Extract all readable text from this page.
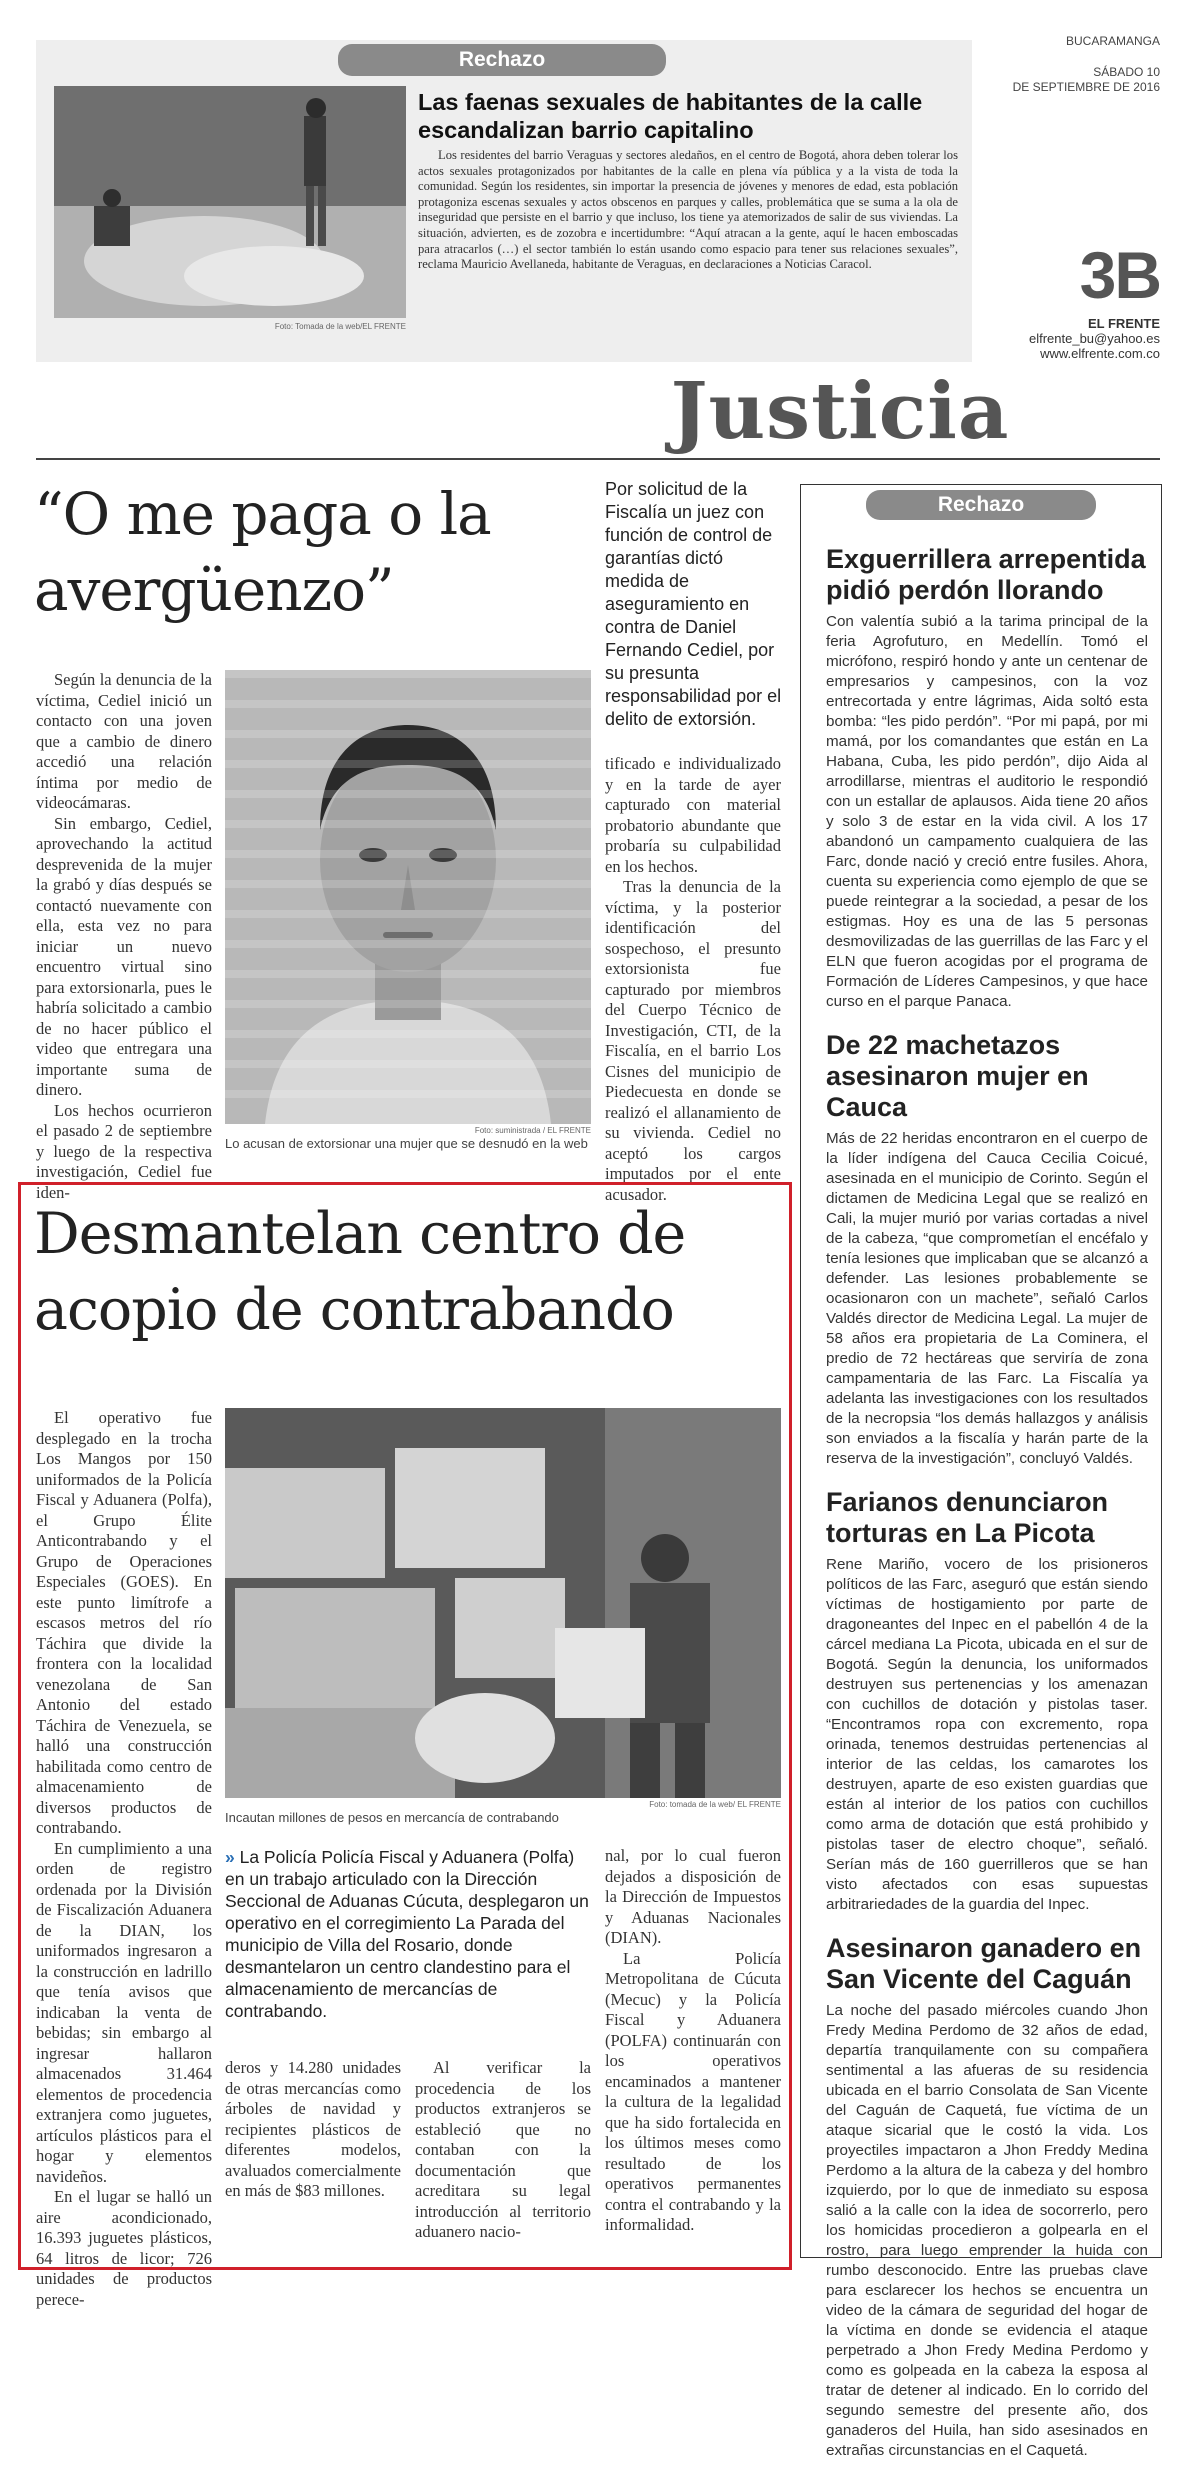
BUCARAMANGA
SÁBADO 10
DE SEPTIEMBRE DE 2016
3B
EL FRENTE
elfrente_bu@yahoo.es
www.elfrente.com.co
Justicia
Rechazo
Foto: Tomada de la web/EL FRENTE
Las faenas sexuales de habitantes de la calle escandalizan barrio capitalino
Los residentes del barrio Veraguas y sectores aledaños, en el centro de Bogotá, ahora deben tolerar los actos sexuales protagonizados por habitantes de la calle en plena vía pública y a la vista de toda la comunidad. Según los residentes, sin importar la presencia de jóvenes y menores de edad, esta población protagoniza escenas sexuales y actos obscenos en parques y calles, problemática que se suma a la ola de inseguridad que persiste en el barrio y que incluso, los tiene ya atemorizados de salir de sus viviendas. La situación, advierten, es de zozobra e incertidumbre: “Aquí atracan a la gente, aquí le hacen emboscadas para atracarlos (…) el sector también lo están usando como espacio para tener sus relaciones sexuales”, reclama Mauricio Avellaneda, habitante de Veraguas, en declaraciones a Noticias Caracol.
“O me paga o la avergüenzo”
Por solicitud de la Fiscalía un juez con función de control de garantías dictó medida de aseguramiento en contra de Daniel Fernando Cediel, por su presunta responsabilidad por el delito de extorsión.

Según la denuncia de la víctima, Cediel inició un contacto con una joven que a cambio de dinero accedió una relación íntima por medio de videocámaras.

Sin embargo, Cediel, aprovechando la actitud desprevenida de la mujer la grabó y días después se contactó nuevamente con ella, esta vez no para iniciar un nuevo encuentro virtual sino para extorsionarla, pues le habría solicitado a cambio de no hacer público el video que entregara una importante suma de dinero.

Los hechos ocurrieron el pasado 2 de septiembre y luego de la respectiva investigación, Cediel fue iden-

Foto: suministrada / EL FRENTE
Lo acusan de extorsionar una mujer que se desnudó en la web

tificado e individualizado y en la tarde de ayer capturado con material probatorio abundante que probaría su culpabilidad en los hechos.

Tras la denuncia de la víctima, y la posterior identificación del sospechoso, el presunto extorsionista fue capturado por miembros del Cuerpo Técnico de Investigación, CTI, de la Fiscalía, en el barrio Los Cisnes del municipio de Piedecuesta en donde se realizó el allanamiento de su vivienda. Cediel no aceptó los cargos imputados por el ente acusador.

Desmantelan centro de acopio de contrabando

El operativo fue desplegado en la trocha Los Mangos por 150 uniformados de la Policía Fiscal y Aduanera (Polfa), el Grupo Élite Anticontrabando y el Grupo de Operaciones Especiales (GOES). En este punto limítrofe a escasos metros del río Táchira que divide la frontera con la localidad venezolana de San Antonio del estado Táchira de Venezuela, se halló una construcción habilitada como centro de almacenamiento de diversos productos de contrabando.

En cumplimiento a una orden de registro ordenada por la División de Fiscalización Aduanera de la DIAN, los uniformados ingresaron a la construcción en ladrillo que tenía avisos que indicaban la venta de bebidas; sin embargo al ingresar hallaron almacenados 31.464 elementos de procedencia extranjera como juguetes, artículos plásticos para el hogar y elementos navideños.

En el lugar se halló un aire acondicionado, 16.393 juguetes plásticos, 64 litros de licor; 726 unidades de productos perece-

Foto: tomada de la web/ EL FRENTE
Incautan millones de pesos en mercancía de contrabando
» La Policía Policía Fiscal y Aduanera (Polfa) en un trabajo articulado con la Dirección Seccional de Aduanas Cúcuta, desplegaron un operativo en el corregimiento La Parada del municipio de Villa del Rosario, donde desmantelaron un centro clandestino para el almacenamiento de mercancías de contrabando.

deros y 14.280 unidades de otras mercancías como árboles de navidad y recipientes plásticos de diferentes modelos, avaluados comercialmente en más de $83 millones.

Al verificar la procedencia de los productos extranjeros se estableció que no contaban con la documentación que acreditara su legal introducción al territorio aduanero nacio-

nal, por lo cual fueron dejados a disposición de la Dirección de Impuestos y Aduanas Nacionales (DIAN).

La Policía Metropolitana de Cúcuta (Mecuc) y la Policía Fiscal y Aduanera (POLFA) continuarán con los operativos encaminados a mantener la cultura de la legalidad que ha sido fortalecida en los últimos meses como resultado de los operativos permanentes contra el contrabando y la informalidad.

Rechazo
Exguerrillera arrepentida pidió perdón llorando
Con valentía subió a la tarima principal de la feria Agrofuturo, en Medellín. Tomó el micrófono, respiró hondo y ante un centenar de empresarios y campesinos, con la voz entrecortada y entre lágrimas, Aida soltó esta bomba: “les pido perdón”. “Por mi papá, por mi mamá, por los comandantes que están en La Habana, Cuba, les pido perdón”, dijo Aida al arrodillarse, mientras el auditorio le respondió con un estallar de aplausos. Aida tiene 20 años y solo 3 de estar en la vida civil. A los 17 abandonó un campamento cualquiera de las Farc, donde nació y creció entre fusiles. Ahora, cuenta su experiencia como ejemplo de que se puede reintegrar a la sociedad, a pesar de los estigmas. Hoy es una de las 5 personas desmovilizadas de las guerrillas de las Farc y el ELN que fueron acogidas por el programa de Formación de Líderes Campesinos, y que hace curso en el parque Panaca.
De 22 machetazos asesinaron mujer en Cauca
Más de 22 heridas encontraron en el cuerpo de la líder indígena del Cauca Cecilia Coicué, asesinada en el municipio de Corinto. Según el dictamen de Medicina Legal que se realizó en Cali, la mujer murió por varias cortadas a nivel de la cabeza, “que comprometían el encéfalo y tenía lesiones que implicaban que se alcanzó a defender. Las lesiones probablemente se ocasionaron con un machete”, señaló Carlos Valdés director de Medicina Legal. La mujer de 58 años era propietaria de La Cominera, el predio de 72 hectáreas que serviría de zona campamentaria de las Farc. La Fiscalía ya adelanta las investigaciones con los resultados de la necropsia “los demás hallazgos y análisis son enviados a la fiscalía y harán parte de la reserva de la investigación”, concluyó Valdés.
Farianos denunciaron torturas en La Picota
Rene Mariño, vocero de los prisioneros políticos de las Farc, aseguró que están siendo víctimas de hostigamiento por parte de dragoneantes del Inpec en el pabellón 4 de la cárcel mediana La Picota, ubicada en el sur de Bogotá. Según la denuncia, los uniformados destruyen sus pertenencias y los amenazan con cuchillos de dotación y pistolas taser. “Encontramos ropa con excremento, ropa orinada, tenemos destruidas pertenencias al interior de las celdas, los camarotes los destruyen, aparte de eso existen guardias que están al interior de los patios con cuchillos como arma de dotación que está prohibido y pistolas taser de electro choque”, señaló. Serían más de 160 guerrilleros que se han visto afectados con esas supuestas arbitrariedades de la guardia del Inpec.
Asesinaron ganadero en San Vicente del Caguán
La noche del pasado miércoles cuando Jhon Fredy Medina Perdomo de 32 años de edad, departía tranquilamente con su compañera sentimental a las afueras de su residencia ubicada en el barrio Consolata de San Vicente del Caguán de Caquetá, fue víctima de un ataque sicarial que le costó la vida. Los proyectiles impactaron a Jhon Freddy Medina Perdomo a la altura de la cabeza y del hombro izquierdo, por lo que de inmediato su esposa salió a la calle con la idea de socorrerlo, pero los homicidas procedieron a golpearla en el rostro, para luego emprender la huida con rumbo desconocido. Entre las pruebas clave para esclarecer los hechos se encuentra un video de la cámara de seguridad del hogar de la víctima en donde se evidencia el ataque perpetrado a Jhon Fredy Medina Perdomo y como es golpeada en la cabeza la esposa al tratar de detener al indicado. En lo corrido del segundo semestre del presente año, dos ganaderos del Huila, han sido asesinados en extrañas circunstancias en el Caquetá.
